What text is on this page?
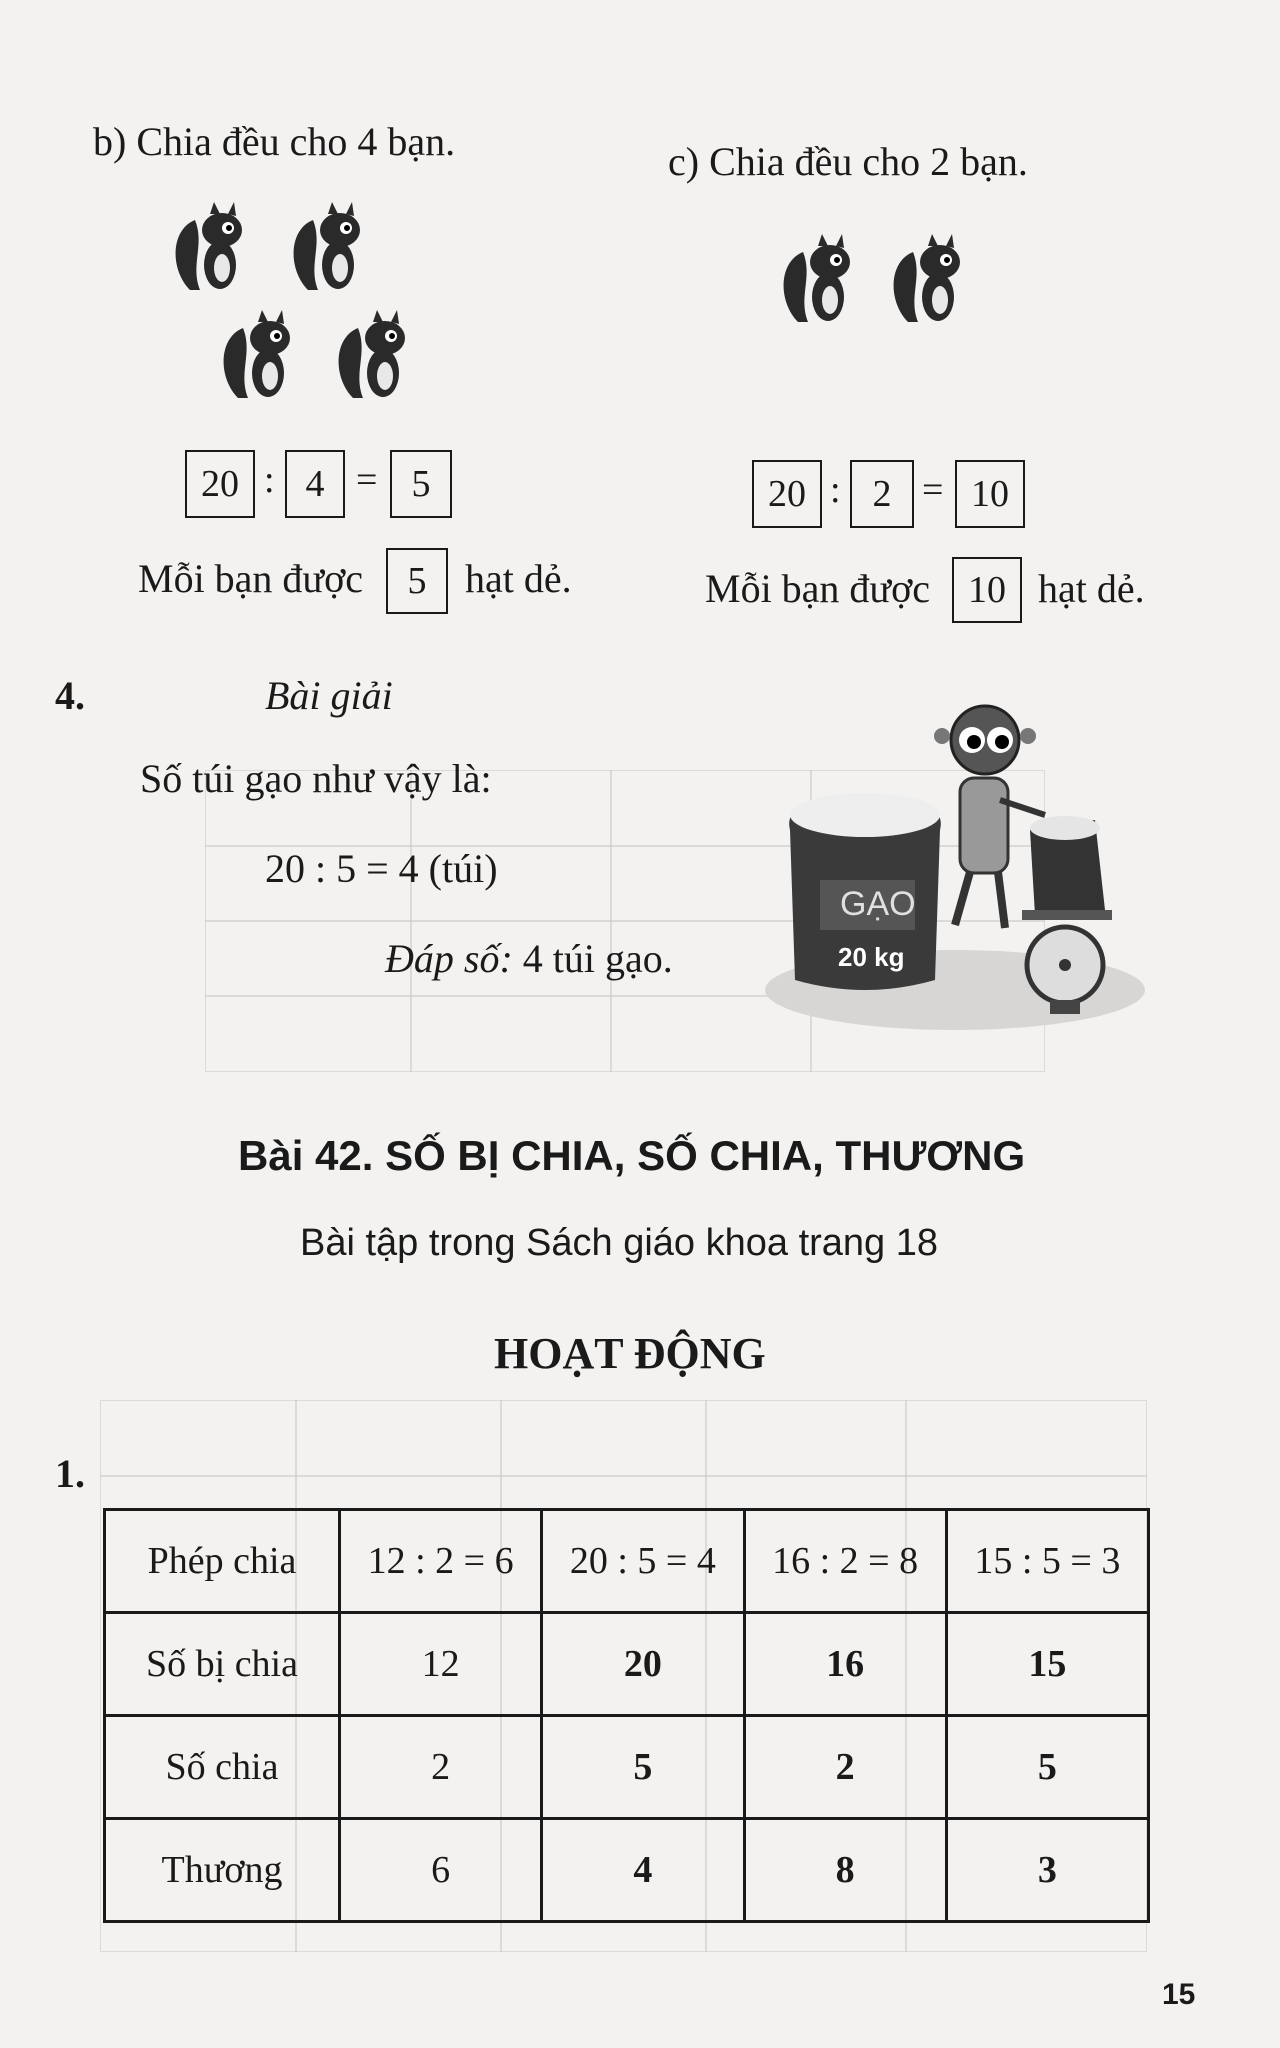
b) Chia đều cho 4 bạn.
20 : 4 = 5
Mỗi bạn được	5 hạt dẻ.
c) Chia đều cho 2 bạn.
20 : 2 = 10
Mỗi bạn được 10 hạt dẻ.
4.	Bài giải
Số túi gạo như vậy là:
20 : 5 = 4 (túi)
Đáp số: 4 túi gạo.
GẠO
20 kg
Bài 42. SỐ BỊ CHIA, SỐ CHIA, THƯƠNG
Bài tập trong Sách giáo khoa trang 18
HOẠT ĐỘNG
1.
Phép chia	12 : 2 = 6	20 : 5 = 4	16 : 2 = 8	15 : 5 = 3
Số bị chia	12	20	16	15
Số chia	2	5	2	5
Thương	6	4	8	3
15
